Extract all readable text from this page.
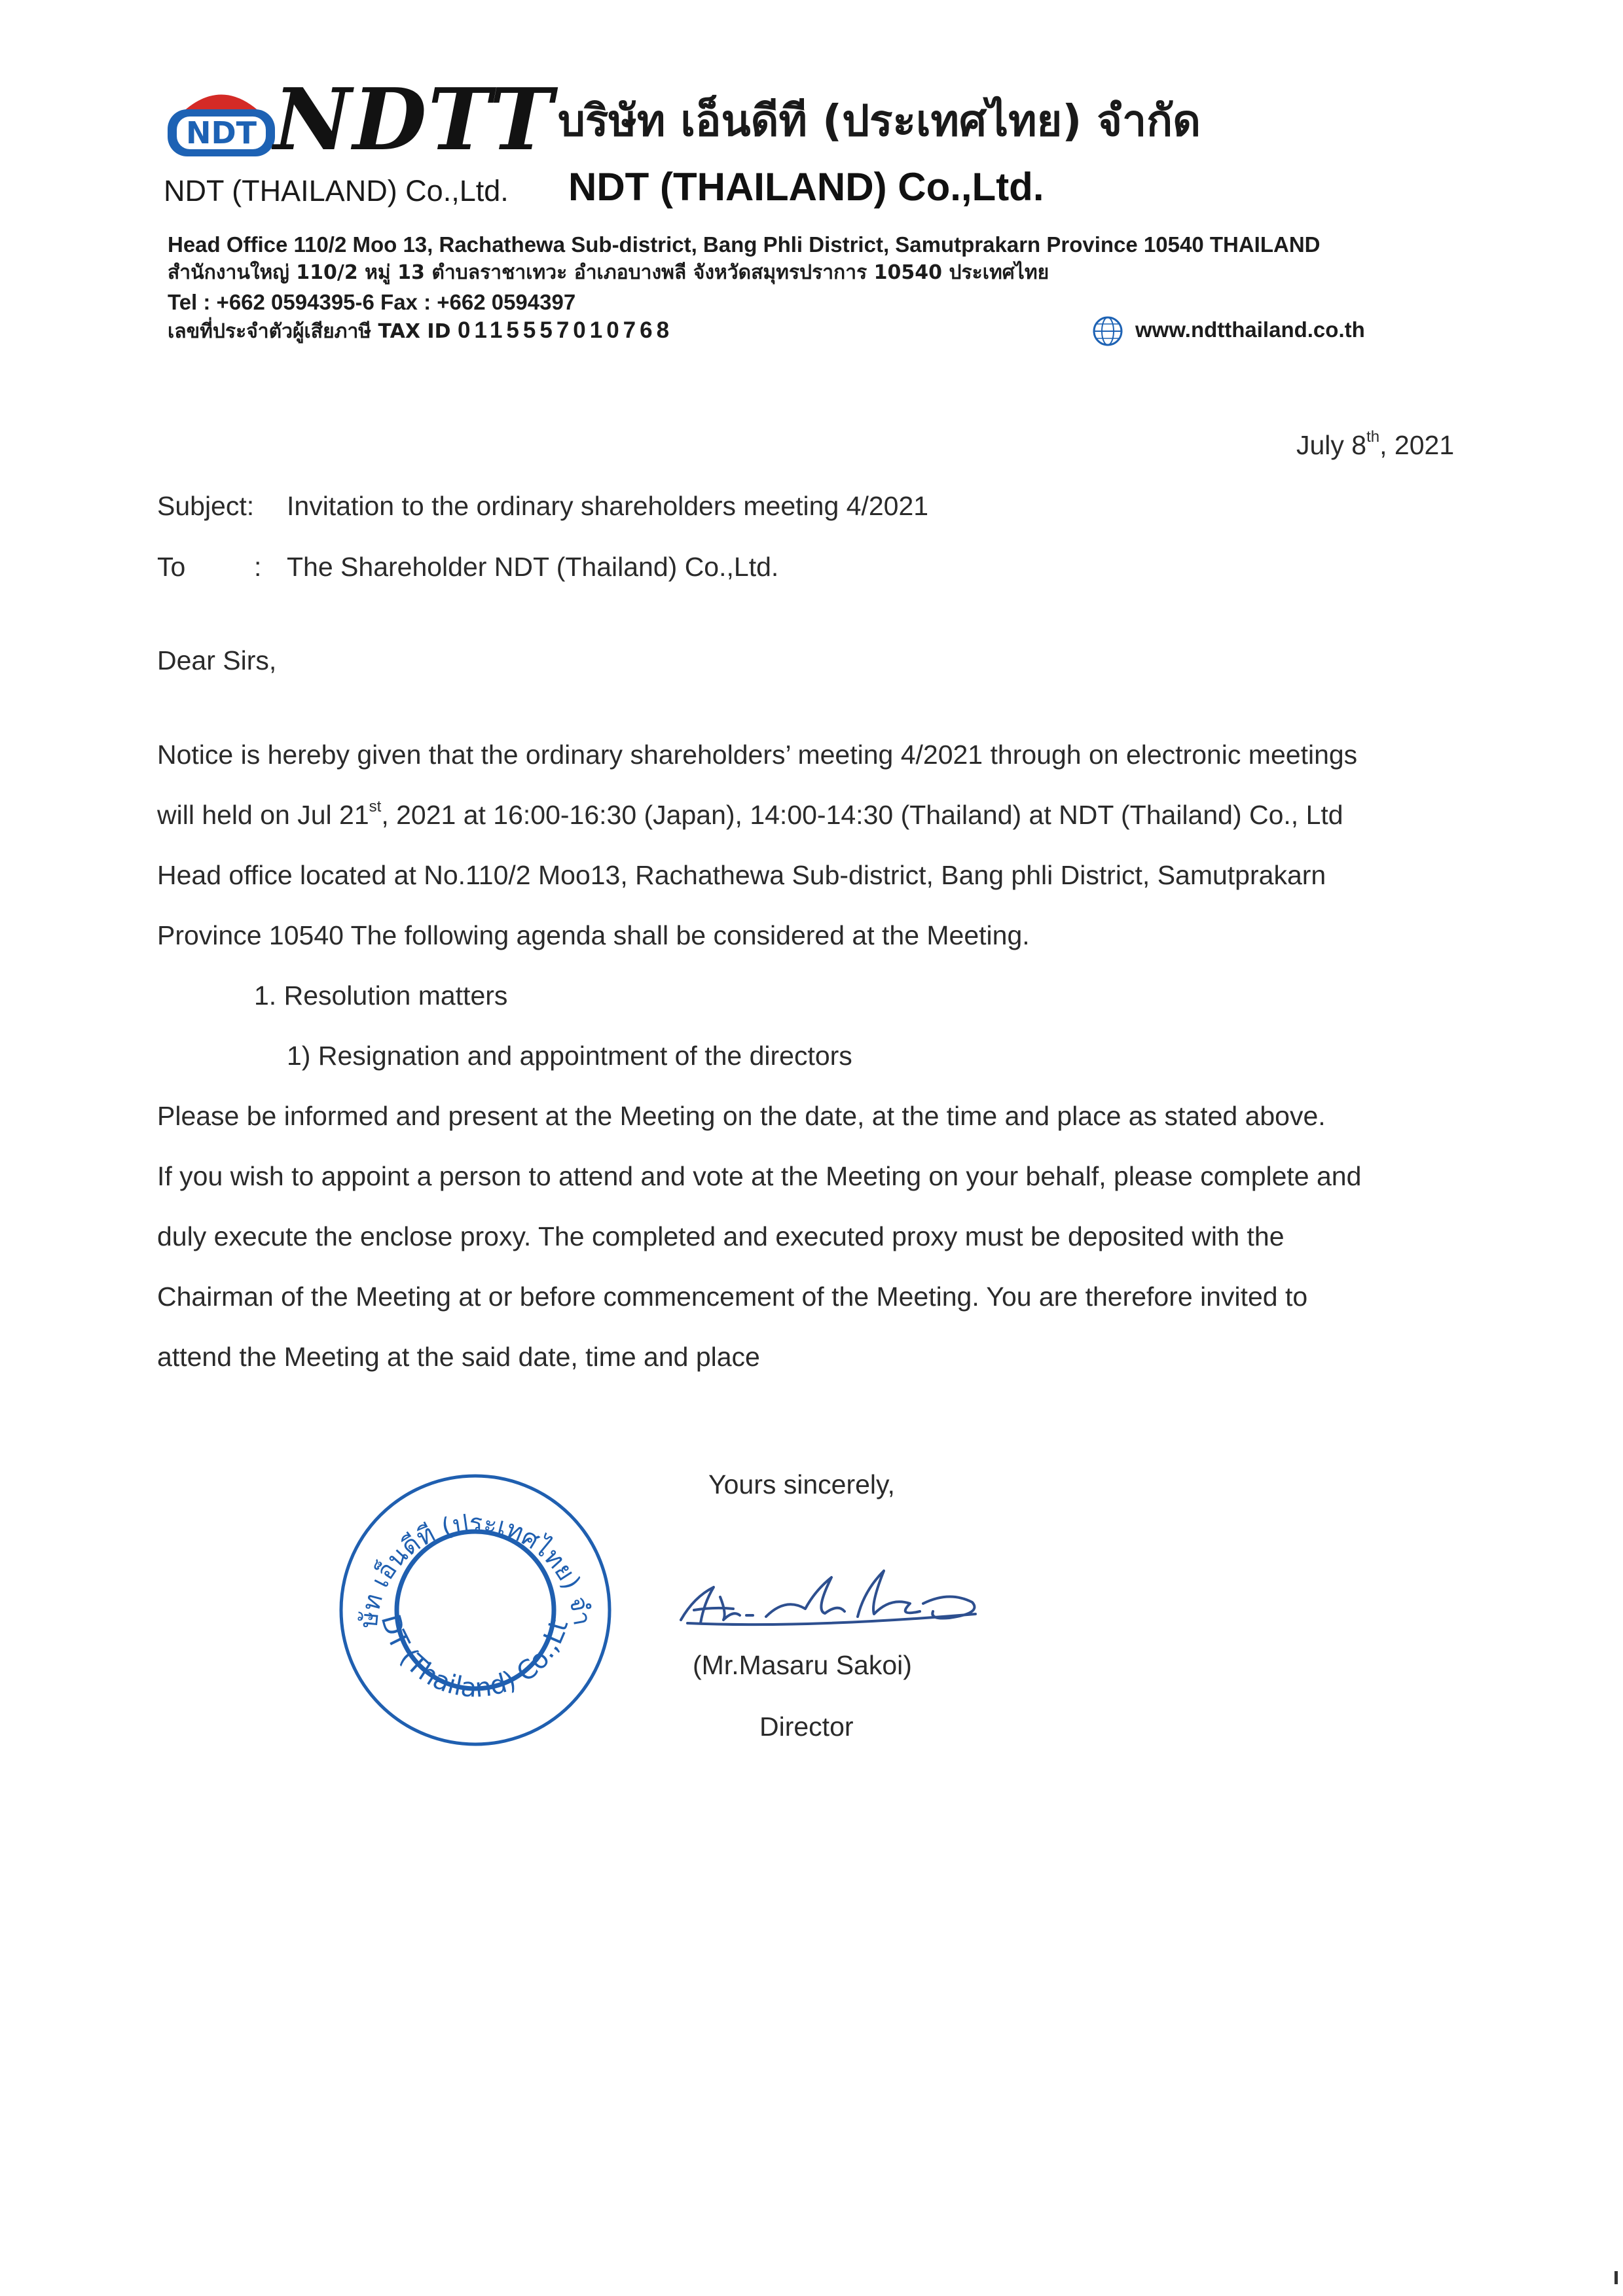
NDT NDTT บริษัท เอ็นดีที (ประเทศไทย) จำกัด
NDT (THAILAND) Co.,Ltd. NDT (THAILAND) Co.,Ltd.
Head Office 110/2 Moo 13, Rachathewa Sub-district, Bang Phli District, Samutprakarn Province 10540 THAILAND
สำนักงานใหญ่ 110/2 หมู่ 13 ตำบลราชาเทวะ อำเภอบางพลี จังหวัดสมุทรปราการ 10540 ประเทศไทย
Tel : +662 0594395-6 Fax : +662 0594397
เลขที่ประจำตัวผู้เสียภาษี TAX ID 0115557010768	www.ndtthailand.co.th
July 8th, 2021
Subject: Invitation to the ordinary shareholders meeting 4/2021
To	: The Shareholder NDT (Thailand) Co.,Ltd.
Dear Sirs,
Notice is hereby given that the ordinary shareholders’ meeting 4/2021 through on electronic meetings
will held on Jul 21st, 2021 at 16:00-16:30 (Japan), 14:00-14:30 (Thailand) at NDT (Thailand) Co., Ltd
Head office located at No.110/2 Moo13, Rachathewa Sub-district, Bang phli District, Samutprakarn
Province 10540 The following agenda shall be considered at the Meeting.
1. Resolution matters
1) Resignation and appointment of the directors
Please be informed and present at the Meeting on the date, at the time and place as stated above.
If you wish to appoint a person to attend and vote at the Meeting on your behalf, please complete and
duly execute the enclose proxy. The completed and executed proxy must be deposited with the
Chairman of the Meeting at or before commencement of the Meeting. You are therefore invited to
attend the Meeting at the said date, time and place
ษัท เอ็นดีที (ประเทศไทย) จำ
DT (Thailand) Co.,Lt
Yours sincerely,
(Mr.Masaru Sakoi)
Director
